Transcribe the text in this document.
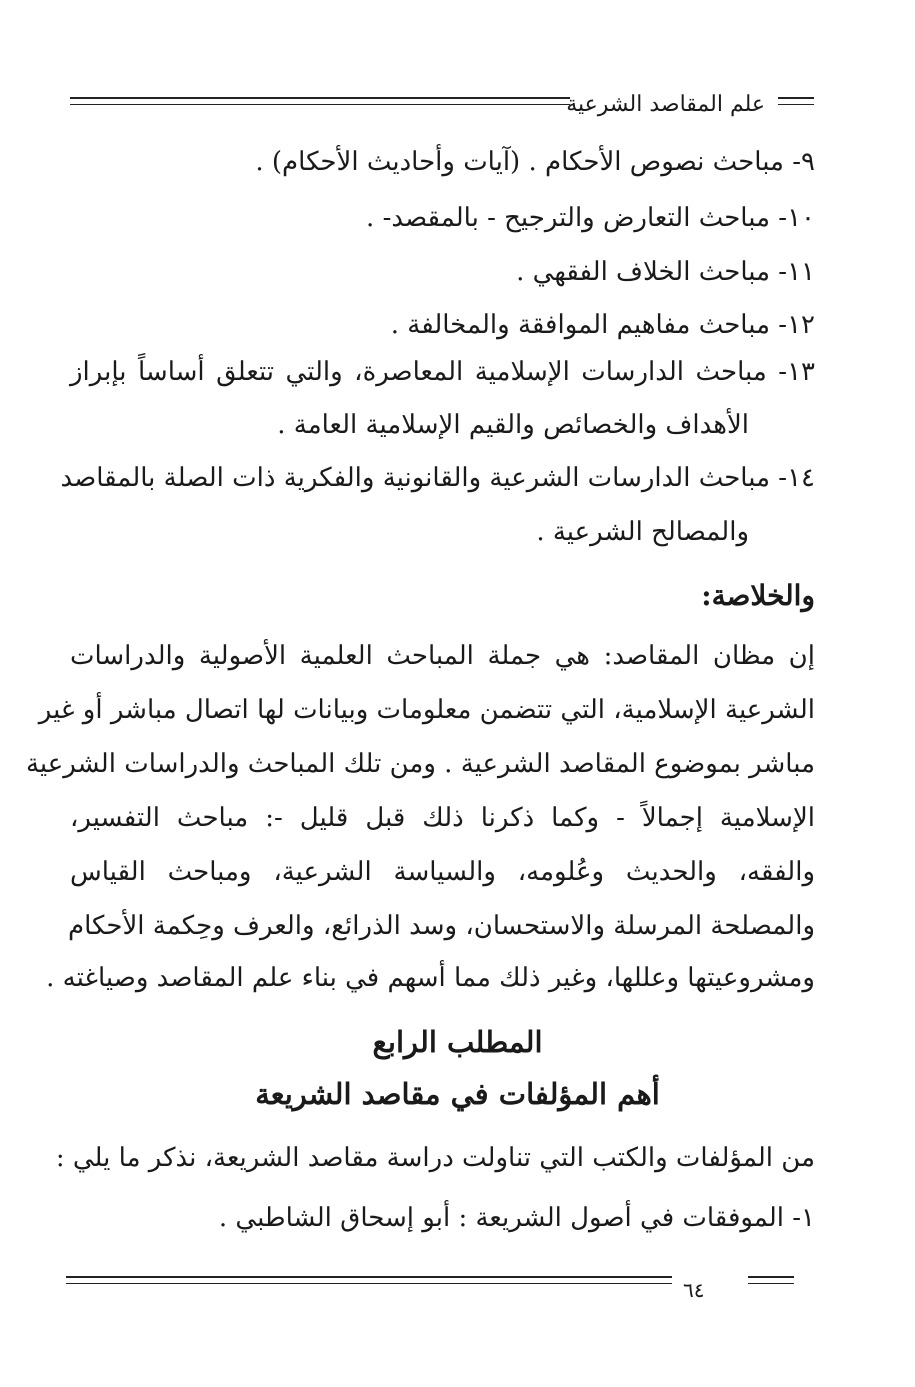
علم المقاصد الشرعية
٩- مباحث نصوص الأحكام . (آيات وأحاديث الأحكام) .
١٠- مباحث التعارض والترجيح - بالمقصد- .
١١- مباحث الخلاف الفقهي .
١٢- مباحث مفاهيم الموافقة والمخالفة .
١٣- مباحث الدارسات الإسلامية المعاصرة، والتي تتعلق أساساً بإبراز
الأهداف والخصائص والقيم الإسلامية العامة .
١٤- مباحث الدارسات الشرعية والقانونية والفكرية ذات الصلة بالمقاصد
والمصالح الشرعية .
والخلاصة:
إن مظان المقاصد: هي جملة المباحث العلمية الأصولية والدراسات
الشرعية الإسلامية، التي تتضمن معلومات وبيانات لها اتصال مباشر أو غير
مباشر بموضوع المقاصد الشرعية . ومن تلك المباحث والدراسات الشرعية
الإسلامية إجمالاً - وكما ذكرنا ذلك قبل قليل -: مباحث التفسير،
والفقه، والحديث وعُلومه، والسياسة الشرعية، ومباحث القياس
والمصلحة المرسلة والاستحسان، وسد الذرائع، والعرف وحِكمة الأحكام
ومشروعيتها وعللها، وغير ذلك مما أسهم في بناء علم المقاصد وصياغته .
المطلب الرابع
أهم المؤلفات في مقاصد الشريعة
من المؤلفات والكتب التي تناولت دراسة مقاصد الشريعة، نذكر ما يلي :
١- الموفقات في أصول الشريعة : أبو إسحاق الشاطبي .
٦٤
